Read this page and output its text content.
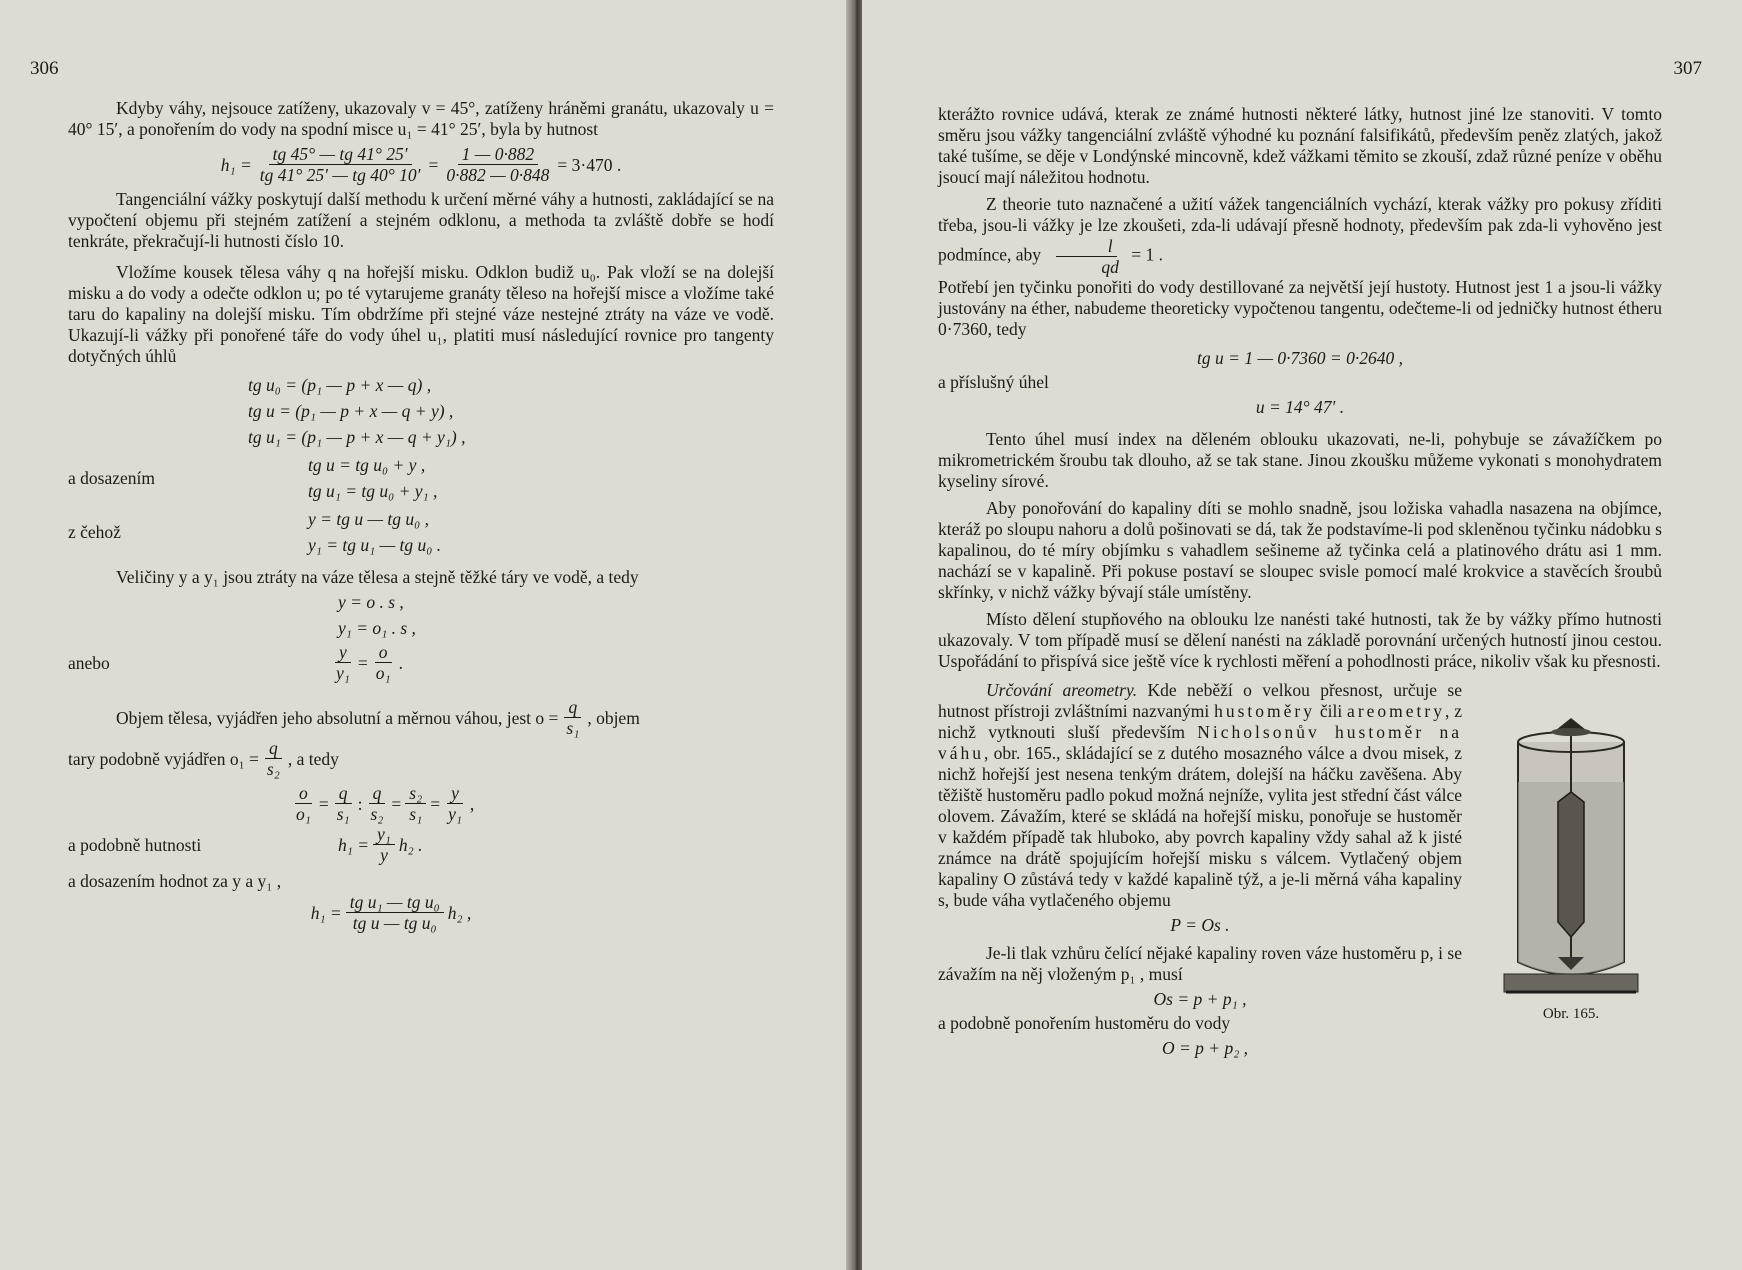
306

Kdyby váhy, nejsouce zatíženy, ukazovaly v = 45°, zatíženy hráněmi granátu, ukazovaly u = 40° 15′, a ponořením do vody na spodní misce u₁ = 41° 25′, byla by hutnost

$h_1 = \frac{tg 45^\circ — tg 41^\circ 25'}{tg 41^\circ 25' — tg 40^\circ 10'} = \frac{1 — 0\cdot 882}{0\cdot 882 — 0\cdot 848} = 3\cdot 470$ .

Tangenciální vážky poskytují další methodu k určení měrné váhy a hutnosti, zakládající se na vypočtení objemu při stejném zatížení a stejném odklonu, a methoda ta zvláště dobře se hodí tenkráte, překračují-li hutnosti číslo 10.

Vložíme kousek tělesa váhy q na hořejší misku. Odklon budiž u₀. Pak vloží se na dolejší misku a do vody a odečte odklon u; po té vytarujeme granáty těleso na hořejší misce a vložíme také taru do kapaliny na dolejší misku. Tím obdržíme při stejné váze nestejné ztráty na váze ve vodě. Ukazují-li vážky při ponořené táře do vody úhel u₁, platiti musí následující rovnice pro tangenty dotyčných úhlů

tg u₀ = (p₁ — p + x — q) ,
tg u = (p₁ — p + x — q + y) ,
tg u₁ = (p₁ — p + x — q + y₁) ,
a dosazením
tg u = tg u₀ + y ,
tg u₁ = tg u₀ + y₁ ,
z čehož
y = tg u — tg u₀ ,
y₁ = tg u₁ — tg u₀ .

Veličiny y a y₁ jsou ztráty na váze tělesa a stejně těžké táry ve vodě, a tedy

y = o . s ,
y₁ = o₁ . s ,
anebo	$\frac{y}{\text{y₁}} = \frac{o}{\text{o₁}}$ .
Objem tělesa, vyjádřen jeho absolutní a měrnou váhou, jest $o = \frac{q}{\text{s₁}}$ , objem
tary podobně vyjádřen $o_1 = \frac{q}{\text{s₂}}$ , a tedy
$\frac{o}{\text{o₁}} = \frac{q}{\text{s₁}}$ : $\frac{q}{\text{s₂}} = \frac{\text{s₂}}{\text{s₁}} = \frac{y}{\text{y₁}}$ ,
a podobně hutnosti	$h_1 = \frac{\text{y₁}}{y} h_2$ .

a dosazením hodnot za y a y₁ ,

$h_1 = \frac{\text{tg u₁ — tg u₀}}{\text{tg u — tg u₀}} h_2$ ,
307

kterážto rovnice udává, kterak ze známé hutnosti některé látky, hutnost jiné lze stanoviti. V tomto směru jsou vážky tangenciální zvláště výhodné ku poznání falsifikátů, především peněz zlatých, jakož také tušíme, se děje v Londýnské mincovně, kdež vážkami těmito se zkouší, zdaž různé peníze v oběhu jsoucí mají náležitou hodnotu.

Z theorie tuto naznačené a užití vážek tangenciálních vychází, kterak vážky pro pokusy zříditi třeba, jsou-li vážky je lze zkoušeti, zda-li udávají přesně hodnoty, především pak zda-li vyhověno jest podmínce, aby $\frac{l}{qd} = 1$ .

Potřebí jen tyčinku ponořiti do vody destillované za největší její hustoty. Hutnost jest 1 a jsou-li vážky justovány na éther, nabudeme theoreticky vypočtenou tangentu, odečteme-li od jedničky hutnost étheru 0·7360, tedy

tg u = 1 — 0·7360 = 0·2640 ,

a příslušný úhel

u = 14° 47′ .

Tento úhel musí index na děleném oblouku ukazovati, ne-li, pohybuje se závažíčkem po mikrometrickém šroubu tak dlouho, až se tak stane. Jinou zkoušku můžeme vykonati s monohydratem kyseliny sírové.

Aby ponořování do kapaliny díti se mohlo snadně, jsou ložiska vahadla nasazena na objímce, kteráž po sloupu nahoru a dolů pošinovati se dá, tak že podstavíme-li pod skleněnou tyčinku nádobku s kapalinou, do té míry objímku s vahadlem sešineme až tyčinka celá a platinového drátu asi 1 mm. nachází se v kapalině. Při pokuse postaví se sloupec svisle pomocí malé krokvice a stavěcích šroubů skřínky, v nichž vážky bývají stále umístěny.

Místo dělení stupňového na oblouku lze nanésti také hutnosti, tak že by vážky přímo hutnosti ukazovaly. V tom případě musí se dělení nanésti na základě porovnání určených hutností jinou cestou. Uspořádání to přispívá sice ještě více k rychlosti měření a pohodlnosti práce, nikoliv však ku přesnosti.

Obr. 165.

Určování areometry. Kde neběží o velkou přesnost, určuje se hutnost přístroji zvláštními nazvanými hustoměry čili areometry, z nichž vytknouti sluší především Nicholsonův hustoměr na váhu, obr. 165., skládající se z dutého mosazného válce a dvou misek, z nichž hořejší jest nesena tenkým drátem, dolejší na háčku zavěšena. Aby těžiště hustoměru padlo pokud možná nejníže, vylita jest střední část válce olovem. Závažím, které se skládá na hořejší misku, ponořuje se hustoměr v každém případě tak hluboko, aby povrch kapaliny vždy sahal až k jisté známce na drátě spojujícím hořejší misku s válcem. Vytlačený objem kapaliny O zůstává tedy v každé kapalině týž, a je-li měrná váha kapaliny s, bude váha vytlačeného objemu

P = Os .

Je-li tlak vzhůru čelící nějaké kapaliny roven váze hustoměru p, i se závažím na něj vloženým p₁ , musí

Os = p + p₁ ,

a podobně ponořením hustoměru do vody

O = p + p₂ ,
